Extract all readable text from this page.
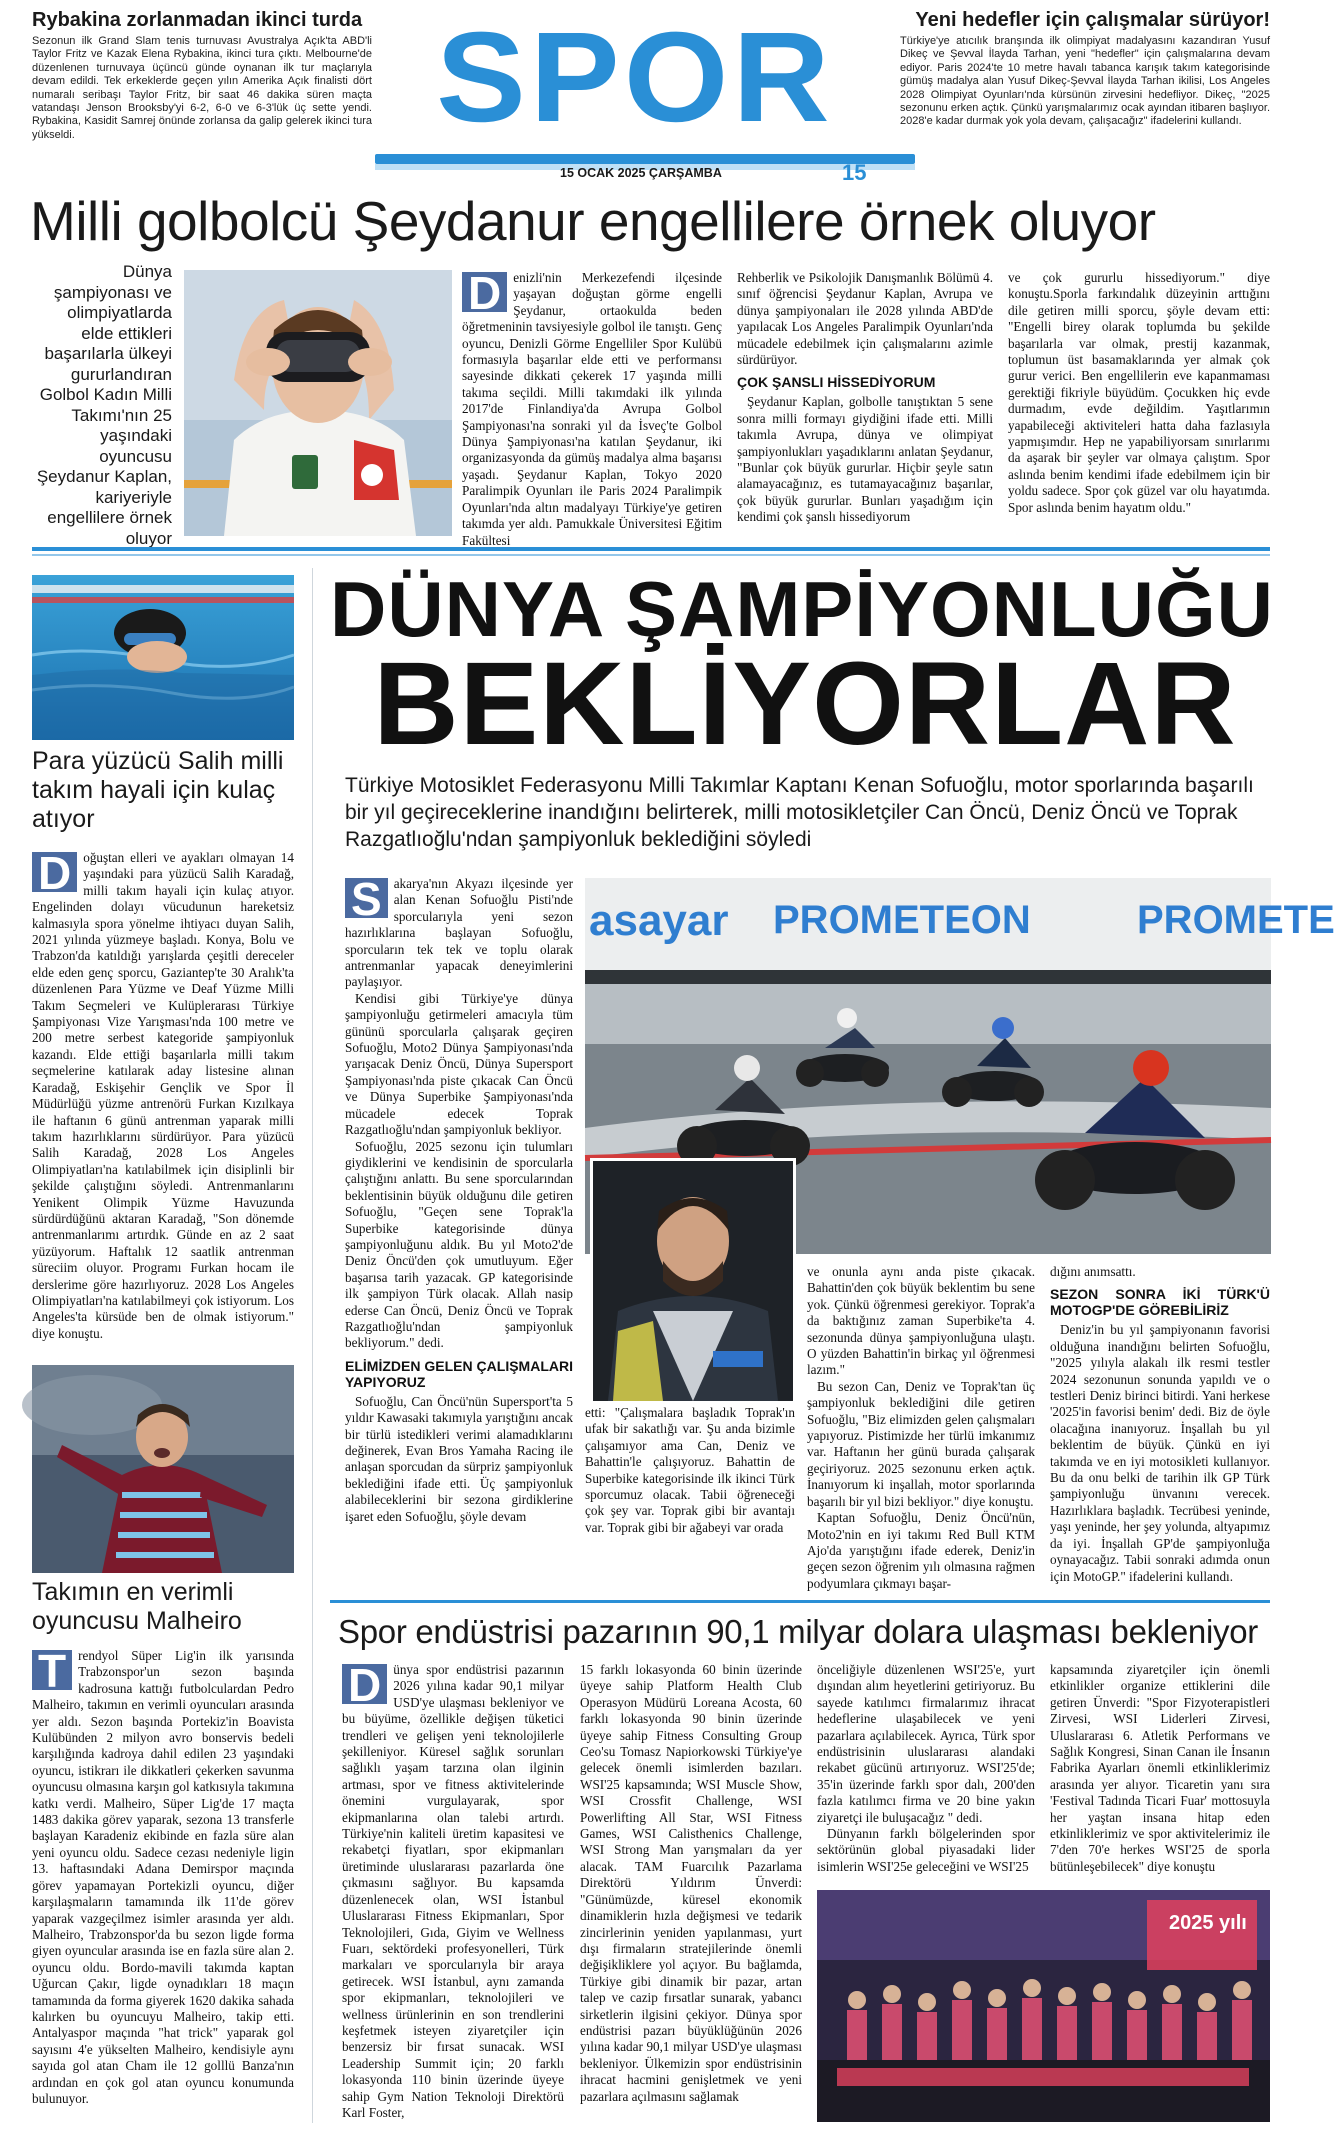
Rybakina zorlanmadan ikinci turda
Sezonun ilk Grand Slam tenis turnuvası Avustralya Açık'ta ABD'li Taylor Fritz ve Kazak Elena Rybakina, ikinci tura çıktı. Melbourne'de düzenlenen turnuvaya üçüncü günde oynanan ilk tur maçlarıyla devam edildi. Tek erkeklerde geçen yılın Amerika Açık finalisti dört numaralı seribaşı Taylor Fritz, bir saat 46 dakika süren maçta vatandaşı Jenson Brooksby'yi 6-2, 6-0 ve 6-3'lük üç sette yendi. Rybakina, Kasidit Samrej önünde zorlansa da galip gelerek ikinci tura yükseldi.	SPOR
15 OCAK 2025 ÇARŞAMBA	15
Yeni hedefler için çalışmalar sürüyor!
Türkiye'ye atıcılık branşında ilk olimpiyat madalyasını kazandıran Yusuf Dikeç ve Şevval İlayda Tarhan, yeni "hedefler" için çalışmalarına devam ediyor. Paris 2024'te 10 metre havalı tabanca karışık takım kategorisinde gümüş madalya alan Yusuf Dikeç-Şevval İlayda Tarhan ikilisi, Los Angeles 2028 Olimpiyat Oyunları'nda kürsünün zirvesini hedefliyor. Dikeç, "2025 sezonunu erken açtık. Çünkü yarışmalarımız ocak ayından itibaren başlıyor. 2028'e kadar durmak yok yola devam, çalışacağız" ifadelerini kullandı.
Milli golbolcü Şeydanur engellilere örnek oluyor
Dünya şampiyonası ve olimpiyatlarda elde ettikleri başarılarla ülkeyi gururlandıran Golbol Kadın Milli Takımı'nın 25 yaşındaki oyuncusu Şeydanur Kaplan, kariyeriyle engellilere örnek oluyor

Denizli'nin Merkezefendi ilçesinde yaşayan doğuştan görme engelli Şeydanur, ortaokulda beden öğretmeninin tavsiyesiyle golbol ile tanıştı. Genç oyuncu, Denizli Görme Engelliler Spor Kulübü formasıyla başarılar elde etti ve performansı sayesinde dikkati çekerek 17 yaşında milli takıma seçildi. Milli takımdaki ilk yılında 2017'de Finlandiya'da Avrupa Golbol Şampiyonası'na sonraki yıl da İsveç'te Golbol Dünya Şampiyonası'na katılan Şeydanur, iki organizasyonda da gümüş madalya alma başarısı yaşadı. Şeydanur Kaplan, Tokyo 2020 Paralimpik Oyunları ile Paris 2024 Paralimpik Oyunları'nda altın madalyayı Türkiye'ye getiren takımda yer aldı. Pamukkale Üniversitesi Eğitim Fakültesi

Rehberlik ve Psikolojik Danışmanlık Bölümü 4. sınıf öğrencisi Şeydanur Kaplan, Avrupa ve dünya şampiyonaları ile 2028 yılında ABD'de yapılacak Los Angeles Paralimpik Oyunları'nda mücadele edebilmek için çalışmalarını azimle sürdürüyor.

ÇOK ŞANSLI HİSSEDİYORUM

Şeydanur Kaplan, golbolle tanıştıktan 5 sene sonra milli formayı giydiğini ifade etti. Milli takımla Avrupa, dünya ve olimpiyat şampiyonlukları yaşadıklarını anlatan Şeydanur, "Bunlar çok büyük gururlar. Hiçbir şeyle satın alamayacağınız, es tutamayacağınız başarılar, çok büyük gururlar. Bunları yaşadığım için kendimi çok şanslı hissediyorum

ve çok gururlu hissediyorum." diye konuştu.Sporla farkındalık düzeyinin arttığını dile getiren milli sporcu, şöyle devam etti: "Engelli birey olarak toplumda bu şekilde başarılarla var olmak, prestij kazanmak, toplumun üst basamaklarında yer almak çok gurur verici. Ben engellilerin eve kapanmaması gerektiği fikriyle büyüdüm. Çocukken hiç evde durmadım, evde değildim. Yaşıtlarımın yapabileceği aktiviteleri hatta daha fazlasıyla yapmışımdır. Hep ne yapabiliyorsam sınırlarımı da aşarak bir şeyler var olmaya çalıştım. Spor aslında benim kendimi ifade edebilmem için bir yoldu sadece. Spor çok güzel var olu hayatımda. Spor aslında benim hayatım oldu."

Para yüzücü Salih milli takım hayali için kulaç atıyor

Doğuştan elleri ve ayakları olmayan 14 yaşındaki para yüzücü Salih Karadağ, milli takım hayali için kulaç atıyor. Engelinden dolayı vücudunun hareketsiz kalmasıyla spora yönelme ihtiyacı duyan Salih, 2021 yılında yüzmeye başladı. Konya, Bolu ve Trabzon'da katıldığı yarışlarda çeşitli dereceler elde eden genç sporcu, Gaziantep'te 30 Aralık'ta düzenlenen Para Yüzme ve Deaf Yüzme Milli Takım Seçmeleri ve Kulüplerarası Türkiye Şampiyonası Vize Yarışması'nda 100 metre ve 200 metre serbest kategoride şampiyonluk kazandı. Elde ettiği başarılarla milli takım seçmelerine katılarak aday listesine alınan Karadağ, Eskişehir Gençlik ve Spor İl Müdürlüğü yüzme antrenörü Furkan Kızılkaya ile haftanın 6 günü antrenman yaparak milli takım hazırlıklarını sürdürüyor. Para yüzücü Salih Karadağ, 2028 Los Angeles Olimpiyatları'na katılabilmek için disiplinli bir şekilde çalıştığını söyledi. Antrenmanlarını Yenikent Olimpik Yüzme Havuzunda sürdürdüğünü aktaran Karadağ, "Son dönemde antrenmanlarımı artırdık. Günde en az 2 saat yüzüyorum. Haftalık 12 saatlik antrenman süreciim oluyor. Programı Furkan hocam ile derslerime göre hazırlıyoruz. 2028 Los Angeles Olimpiyatları'na katılabilmeyi çok istiyorum. Los Angeles'ta kürsüde ben de olmak istiyorum." diye konuştu.

Takımın en verimli oyuncusu Malheiro

Trendyol Süper Lig'in ilk yarısında Trabzonspor'un sezon başında kadrosuna kattığı futbolculardan Pedro Malheiro, takımın en verimli oyuncuları arasında yer aldı. Sezon başında Portekiz'in Boavista Kulübünden 2 milyon avro bonservis bedeli karşılığında kadroya dahil edilen 23 yaşındaki oyuncu, istikrarı ile dikkatleri çekerken savunma oyuncusu olmasına karşın gol katkısıyla takımına katkı verdi. Malheiro, Süper Lig'de 17 maçta 1483 dakika görev yaparak, sezona 13 transferle başlayan Karadeniz ekibinde en fazla süre alan yeni oyuncu oldu. Sadece cezası nedeniyle ligin 13. haftasındaki Adana Demirspor maçında görev yapamayan Portekizli oyuncu, diğer karşılaşmaların tamamında ilk 11'de görev yaparak vazgeçilmez isimler arasında yer aldı. Malheiro, Trabzonspor'da bu sezon ligde forma giyen oyuncular arasında ise en fazla süre alan 2. oyuncu oldu. Bordo-mavili takımda kaptan Uğurcan Çakır, ligde oynadıkları 18 maçın tamamında da forma giyerek 1620 dakika sahada kalırken bu oyuncuyu Malheiro, takip etti. Antalyaspor maçında "hat trick" yaparak gol sayısını 4'e yükselten Malheiro, kendisiyle aynı sayıda gol atan Cham ile 12 golllü Banza'nın ardından en çok gol atan oyuncu konumunda bulunuyor.

DÜNYA ŞAMPİYONLUĞU
BEKLİYORLAR
Türkiye Motosiklet Federasyonu Milli Takımlar Kaptanı Kenan Sofuoğlu, motor sporlarında başarılı bir yıl geçireceklerine inandığını belirterek, milli motosikletçiler Can Öncü, Deniz Öncü ve Toprak Razgatlıoğlu'ndan şampiyonluk beklediğini söyledi
asayar PROMETEON	PROMETE

Sakarya'nın Akyazı ilçesinde yer alan Kenan Sofuoğlu Pisti'nde sporcularıyla yeni sezon hazırlıklarına başlayan Sofuoğlu, sporcuların tek tek ve toplu olarak antrenmanlar yapacak deneyimlerini paylaşıyor.

Kendisi gibi Türkiye'ye dünya şampiyonluğu getirmeleri amacıyla tüm gününü sporcularla çalışarak geçiren Sofuoğlu, Moto2 Dünya Şampiyonası'nda yarışacak Deniz Öncü, Dünya Supersport Şampiyonası'nda piste çıkacak Can Öncü ve Dünya Superbike Şampiyonası'nda mücadele edecek Toprak Razgatlıoğlu'ndan şampiyonluk bekliyor.

Sofuoğlu, 2025 sezonu için tulumları giydiklerini ve kendisinin de sporcularla çalıştığını anlattı. Bu sene sporcularından beklentisinin büyük olduğunu dile getiren Sofuoğlu, "Geçen sene Toprak'la Superbike kategorisinde dünya şampiyonluğunu aldık. Bu yıl Moto2'de Deniz Öncü'den çok umutluyum. Eğer başarısa tarih yazacak. GP kategorisinde ilk şampiyon Türk olacak. Allah nasip ederse Can Öncü, Deniz Öncü ve Toprak Razgatlıoğlu'ndan şampiyonluk bekliyorum." dedi.

ELİMİZDEN GELEN ÇALIŞMALARI YAPIYORUZ

Sofuoğlu, Can Öncü'nün Supersport'ta 5 yıldır Kawasaki takımıyla yarıştığını ancak bir türlü istedikleri verimi alamadıklarını değinerek, Evan Bros Yamaha Racing ile anlaşan sporcudan da sürpriz şampiyonluk beklediğini ifade etti. Üç şampiyonluk alabileceklerini bir sezona girdiklerine işaret eden Sofuoğlu, şöyle devam

ve onunla aynı anda piste çıkacak. Bahattin'den çok büyük beklentim bu sene yok. Çünkü öğrenmesi gerekiyor. Toprak'a da baktığınız zaman Superbike'ta 4. sezonunda dünya şampiyonluğuna ulaştı. O yüzden Bahattin'in birkaç yıl öğrenmesi lazım."

Bu sezon Can, Deniz ve Toprak'tan üç şampiyonluk beklediğini dile getiren Sofuoğlu, "Biz elimizden gelen çalışmaları yapıyoruz. Pistimizde her türlü imkanımız var. Haftanın her günü burada çalışarak geçiriyoruz. 2025 sezonunu erken açtık. İnanıyorum ki inşallah, motor sporlarında başarılı bir yıl bizi bekliyor." diye konuştu.

Kaptan Sofuoğlu, Deniz Öncü'nün, Moto2'nin en iyi takımı Red Bull KTM Ajo'da yarıştığını ifade ederek, Deniz'in geçen sezon öğrenim yılı olmasına rağmen podyumlara çıkmayı başar-

etti: "Çalışmalara başladık Toprak'ın ufak bir sakatlığı var. Şu anda bizimle çalışamıyor ama Can, Deniz ve Bahattin'le çalışıyoruz. Bahattin de Superbike kategorisinde ilk ikinci Türk sporcumuz olacak. Tabii öğreneceği çok şey var. Toprak gibi bir avantajı var. Toprak gibi bir ağabeyi var orada

dığını anımsattı.

SEZON SONRA İKİ TÜRK'Ü MOTOGP'DE GÖREBİLİRİZ

Deniz'in bu yıl şampiyonanın favorisi olduğuna inandığını belirten Sofuoğlu, "2025 yılıyla alakalı ilk resmi testler 2024 sezonunun sonunda yapıldı ve o testleri Deniz birinci bitirdi. Yani herkese '2025'in favorisi benim' dedi. Biz de öyle olacağına inanıyoruz. İnşallah bu yıl beklentim de büyük. Çünkü en iyi takımda ve en iyi motosikleti kullanıyor. Bu da onu belki de tarihin ilk GP Türk şampiyonluğu ünvanını verecek. Hazırlıklara başladık. Tecrübesi yeninde, yaşı yeninde, her şey yolunda, altyapımız da iyi. İnşallah GP'de şampiyonluğa oynayacağız. Tabii sonraki adımda onun için MotoGP." ifadelerini kullandı.

Spor endüstrisi pazarının 90,1 milyar dolara ulaşması bekleniyor

Dünya spor endüstrisi pazarının 2026 yılına kadar 90,1 milyar USD'ye ulaşması bekleniyor ve bu büyüme, özellikle değişen tüketici trendleri ve gelişen yeni teknolojilerle şekilleniyor. Küresel sağlık sorunları sağlıklı yaşam tarzına olan ilginin artması, spor ve fitness aktivitelerinde önemini vurgulayarak, spor ekipmanlarına olan talebi artırdı. Türkiye'nin kaliteli üretim kapasitesi ve rekabetçi fiyatları, spor ekipmanları üretiminde uluslararası pazarlarda öne çıkmasını sağlıyor. Bu kapsamda düzenlenecek olan, WSI İstanbul Uluslararası Fitness Ekipmanları, Spor Teknolojileri, Gıda, Giyim ve Wellness Fuarı, sektördeki profesyonelleri, Türk markaları ve sporcularıyla bir araya getirecek. WSI İstanbul, aynı zamanda spor ekipmanları, teknolojileri ve wellness ürünlerinin en son trendlerini keşfetmek isteyen ziyaretçiler için benzersiz bir fırsat sunacak. WSI Leadership Summit için; 20 farklı lokasyonda 110 binin üzerinde üyeye sahip Gym Nation Teknoloji Direktörü Karl Foster,

15 farklı lokasyonda 60 binin üzerinde üyeye sahip Platform Health Club Operasyon Müdürü Loreana Acosta, 60 farklı lokasyonda 90 binin üzerinde üyeye sahip Fitness Consulting Group Ceo'su Tomasz Napiorkowski Türkiye'ye gelecek önemli isimlerden bazıları. WSI'25 kapsamında; WSI Muscle Show, WSI Crossfit Challenge, WSI Powerlifting All Star, WSI Fitness Games, WSI Calisthenics Challenge, WSI Strong Man yarışmaları da yer alacak. TAM Fuarcılık Pazarlama Direktörü Yıldırım Ünverdi: "Günümüzde, küresel ekonomik dinamiklerin hızla değişmesi ve tedarik zincirlerinin yeniden yapılanması, yurt dışı firmaların stratejilerinde önemli değişikliklere yol açıyor. Bu bağlamda, Türkiye gibi dinamik bir pazar, artan talep ve cazip fırsatlar sunarak, yabancı sirketlerin ilgisini çekiyor. Dünya spor endüstrisi pazarı büyüklüğünün 2026 yılına kadar 90,1 milyar USD'ye ulaşması bekleniyor. Ülkemizin spor endüstrisinin ihracat hacmini genişletmek ve yeni pazarlara açılmasını sağlamak

önceliğiyle düzenlenen WSI'25'e, yurt dışından alım heyetlerini getiriyoruz. Bu sayede katılımcı firmalarımız ihracat hedeflerine ulaşabilecek ve yeni pazarlara açılabilecek. Ayrıca, Türk spor endüstrisinin uluslararası alandaki rekabet gücünü artırıyoruz. WSI'25'de; 35'in üzerinde farklı spor dalı, 200'den fazla katılımcı firma ve 20 bine yakın ziyaretçi ile buluşacağız " dedi.

Dünyanın farklı bölgelerinden spor sektörünün global piyasadaki lider isimlerin WSI'25e geleceğini ve WSI'25

kapsamında ziyaretçiler için önemli etkinlikler organize ettiklerini dile getiren Ünverdi: "Spor Fizyoterapistleri Zirvesi, WSI Liderleri Zirvesi, Uluslararası 6. Atletik Performans ve Sağlık Kongresi, Sinan Canan ile İnsanın Fabrika Ayarları önemli etkinliklerimiz arasında yer alıyor. Ticaretin yanı sıra 'Festival Tadında Ticari Fuar' mottosuyla her yaştan insana hitap eden etkinliklerimiz ve spor aktivitelerimiz ile 7'den 70'e herkes WSI'25 de sporla bütünleşebilecek" diye konuştu

2025 yılı
